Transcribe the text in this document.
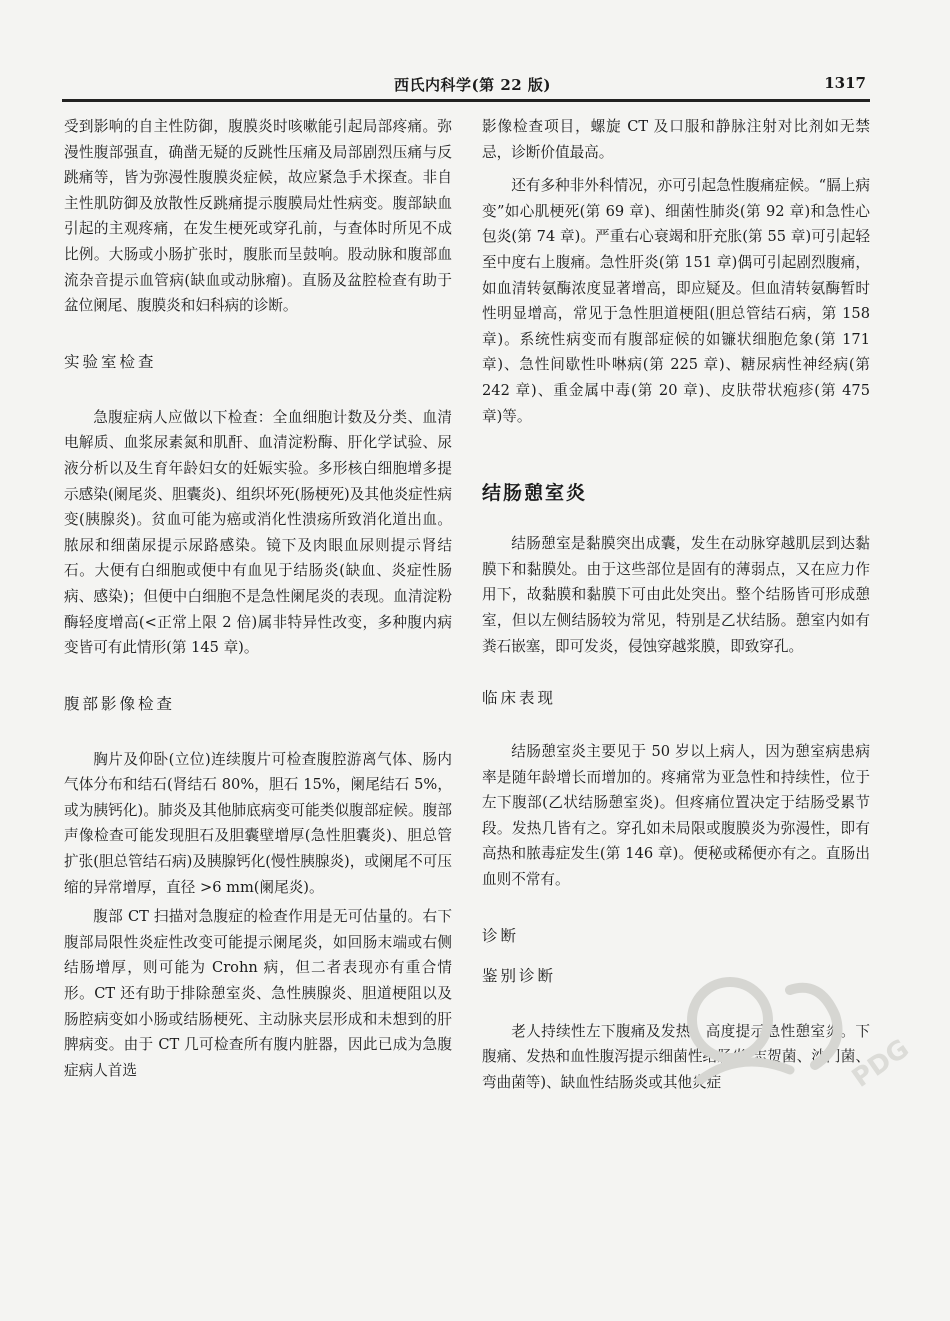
西氏内科学(第 22 版)	1317

受到影响的自主性防御，腹膜炎时咳嗽能引起局部疼痛。弥漫性腹部强直，确凿无疑的反跳性压痛及局部剧烈压痛与反跳痛等，皆为弥漫性腹膜炎症候，故应紧急手术探查。非自主性肌防御及放散性反跳痛提示腹膜局灶性病变。腹部缺血引起的主观疼痛，在发生梗死或穿孔前，与查体时所见不成比例。大肠或小肠扩张时，腹胀而呈鼓响。股动脉和腹部血流杂音提示血管病(缺血或动脉瘤)。直肠及盆腔检查有助于盆位阑尾、腹膜炎和妇科病的诊断。

实验室检查

急腹症病人应做以下检查：全血细胞计数及分类、血清电解质、血浆尿素氮和肌酐、血清淀粉酶、肝化学试验、尿液分析以及生育年龄妇女的妊娠实验。多形核白细胞增多提示感染(阑尾炎、胆囊炎)、组织坏死(肠梗死)及其他炎症性病变(胰腺炎)。贫血可能为癌或消化性溃疡所致消化道出血。脓尿和细菌尿提示尿路感染。镜下及肉眼血尿则提示肾结石。大便有白细胞或便中有血见于结肠炎(缺血、炎症性肠病、感染)；但便中白细胞不是急性阑尾炎的表现。血清淀粉酶轻度增高(<正常上限 2 倍)属非特异性改变，多种腹内病变皆可有此情形(第 145 章)。

腹部影像检查

胸片及仰卧(立位)连续腹片可检查腹腔游离气体、肠内气体分布和结石(肾结石 80%，胆石 15%，阑尾结石 5%，或为胰钙化)。肺炎及其他肺底病变可能类似腹部症候。腹部声像检查可能发现胆石及胆囊壁增厚(急性胆囊炎)、胆总管扩张(胆总管结石病)及胰腺钙化(慢性胰腺炎)，或阑尾不可压缩的异常增厚，直径 >6 mm(阑尾炎)。

腹部 CT 扫描对急腹症的检查作用是无可估量的。右下腹部局限性炎症性改变可能提示阑尾炎，如回肠末端或右侧结肠增厚，则可能为 Crohn 病，但二者表现亦有重合情形。CT 还有助于排除憩室炎、急性胰腺炎、胆道梗阻以及肠腔病变如小肠或结肠梗死、主动脉夹层形成和未想到的肝脾病变。由于 CT 几可检查所有腹内脏器，因此已成为急腹症病人首选

影像检查项目，螺旋 CT 及口服和静脉注射对比剂如无禁忌，诊断价值最高。

还有多种非外科情况，亦可引起急性腹痛症候。“膈上病变”如心肌梗死(第 69 章)、细菌性肺炎(第 92 章)和急性心包炎(第 74 章)。严重右心衰竭和肝充胀(第 55 章)可引起轻至中度右上腹痛。急性肝炎(第 151 章)偶可引起剧烈腹痛，如血清转氨酶浓度显著增高，即应疑及。但血清转氨酶暂时性明显增高，常见于急性胆道梗阻(胆总管结石病，第 158 章)。系统性病变而有腹部症候的如镰状细胞危象(第 171 章)、急性间歇性卟啉病(第 225 章)、糖尿病性神经病(第 242 章)、重金属中毒(第 20 章)、皮肤带状疱疹(第 475 章)等。

结肠憩室炎

结肠憩室是黏膜突出成囊，发生在动脉穿越肌层到达黏膜下和黏膜处。由于这些部位是固有的薄弱点，又在应力作用下，故黏膜和黏膜下可由此处突出。整个结肠皆可形成憩室，但以左侧结肠较为常见，特别是乙状结肠。憩室内如有粪石嵌塞，即可发炎，侵蚀穿越浆膜，即致穿孔。

临床表现

结肠憩室炎主要见于 50 岁以上病人，因为憩室病患病率是随年龄增长而增加的。疼痛常为亚急性和持续性，位于左下腹部(乙状结肠憩室炎)。但疼痛位置决定于结肠受累节段。发热几皆有之。穿孔如未局限或腹膜炎为弥漫性，即有高热和脓毒症发生(第 146 章)。便秘或稀便亦有之。直肠出血则不常有。

诊断

鉴别诊断

老人持续性左下腹痛及发热，高度提示急性憩室炎。下腹痛、发热和血性腹泻提示细菌性结肠炎(志贺菌、沙门菌、弯曲菌等)、缺血性结肠炎或其他炎症	PDG
